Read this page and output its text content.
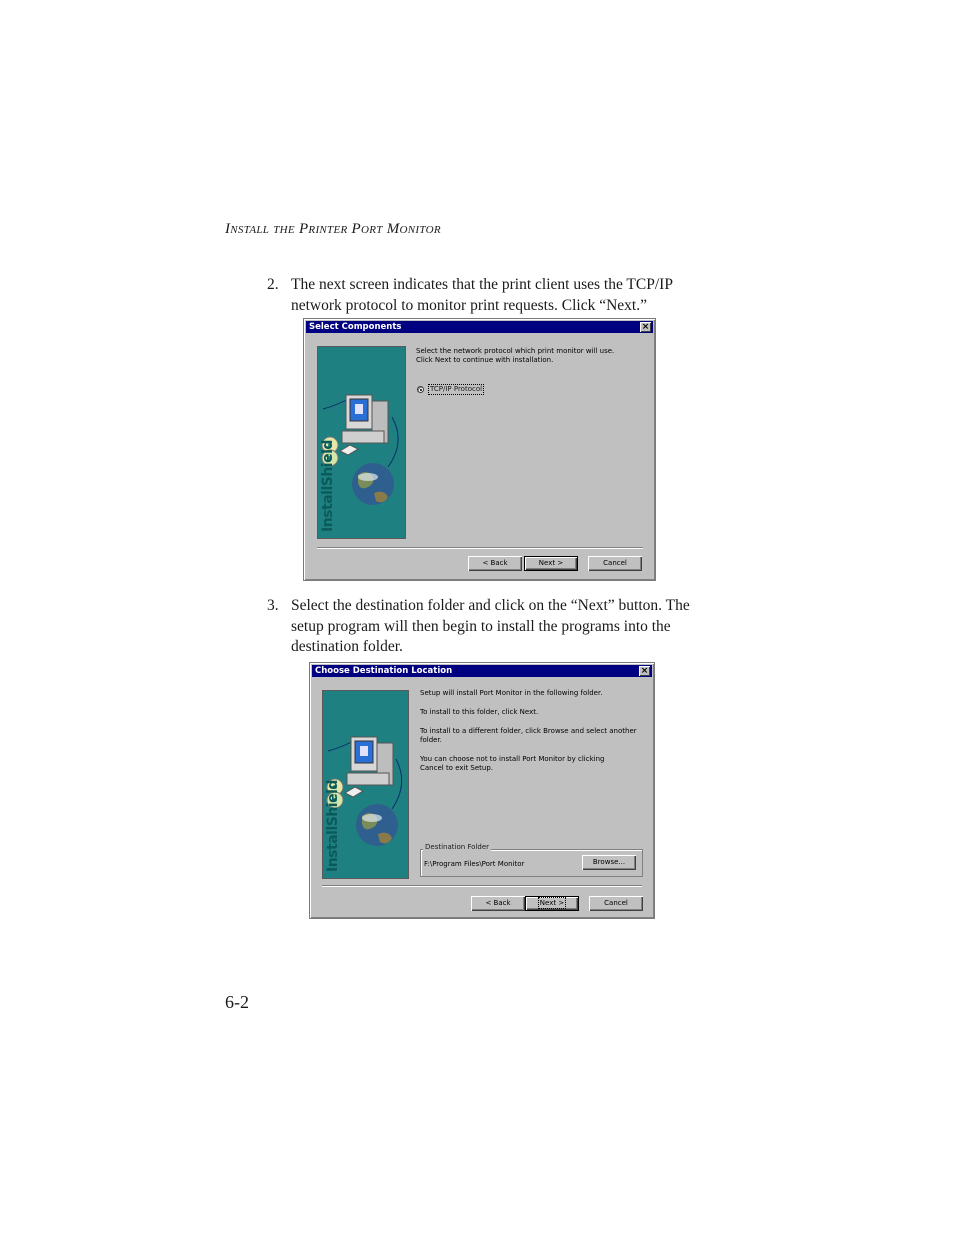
Install the Printer Port Monitor
2. The next screen indicates that the print client uses the TCP/IP network protocol to monitor print requests. Click “Next.”
Select Components	×
InstallShield
Select the network protocol which print monitor will use.
Click Next to continue with installation.
TCP/IP Protocol
< Back	Next >	Cancel
3. Select the destination folder and click on the “Next” button. The setup program will then begin to install the programs into the destination folder.
Choose Destination Location	×
InstallShield
Setup will install Port Monitor in the following folder.
To install to this folder, click Next.
To install to a different folder, click Browse and select another folder.
You can choose not to install Port Monitor by clicking Cancel to exit Setup.
Destination Folder
F:\Program Files\Port Monitor	Browse...
< Back	Next >	Cancel
6-2
